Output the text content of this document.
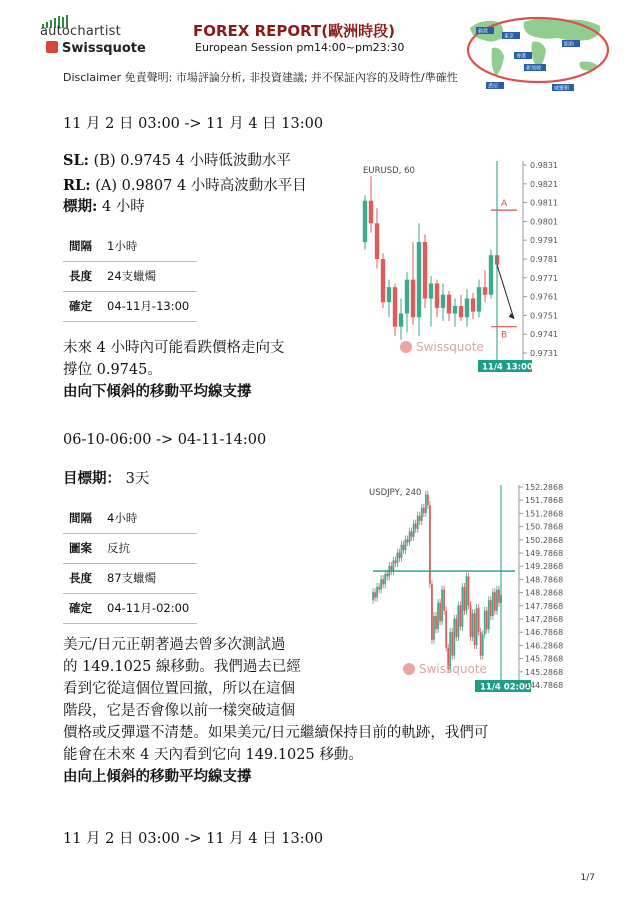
autochartist
Swissquote
FOREX REPORT(歐洲時段)
European Session pm14:00~pm23:30
倫敦
東京
紐約
香港
新加坡
悉尼	威靈頓
Disclaimer 免責聲明: 市場評論分析, 非投資建議; 并不保証內容的及時性/準確性
11 月 2 日 03:00 -> 11 月 4 日 13:00
SL: (B) 0.9745 4 小時低波動水平
RL: (A) 0.9807 4 小時高波動水平目
標期: 4 小時
間隔	1小時
長度	24支蠟燭
確定	04-11月-13:00
未來 4 小時內可能看跌價格走向支
撐位 0.9745。
由向下傾斜的移動平均線支撐
EURUSD, 60
A
B
11/4 13:00
0.9831
0.9821
0.9811
0.9801
0.9791
0.9781
0.9771
0.9761
0.9751
0.9741
0.9731
Swissquote
06-10-06:00 -> 04-11-14:00
目標期： 3天
間隔	4小時
圖案	反抗
長度	87支蠟燭
確定	04-11月-02:00
美元/日元正朝著過去曾多次測試過
的 149.1025 線移動。我們過去已經
看到它從這個位置回撤，所以在這個
階段，它是否會像以前一樣突破這個
價格或反彈還不清楚。如果美元/日元繼續保持目前的軌跡，我們可
能會在未來 4 天內看到它向 149.1025 移動。
由向上傾斜的移動平均線支撐
USDJPY, 240
11/4 02:00
152.2868
151.7868
151.2868
150.7868
150.2868
149.7868
149.2868
148.7868
148.2868
147.7868
147.2868
146.7868
146.2868
145.7868
145.2868
144.7868
Swissquote
11 月 2 日 03:00 -> 11 月 4 日 13:00
1/7
